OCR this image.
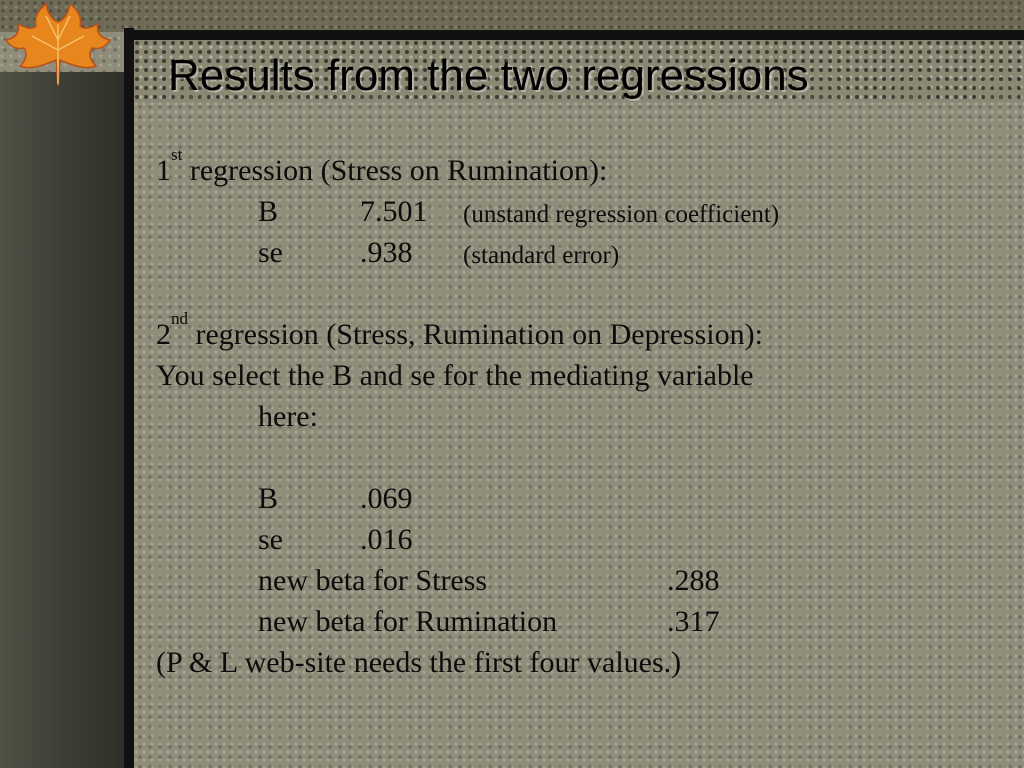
Results from the two regressions
1st regression (Stress on Rumination):
B	7.501 (unstand regression coefficient)
se	.938 (standard error)
2nd regression (Stress, Rumination on Depression):
You select the B and se for the mediating variable
here:
B	.069
se	.016
new beta for Stress	.288
new beta for Rumination	.317
(P & L web-site needs the first four values.)
